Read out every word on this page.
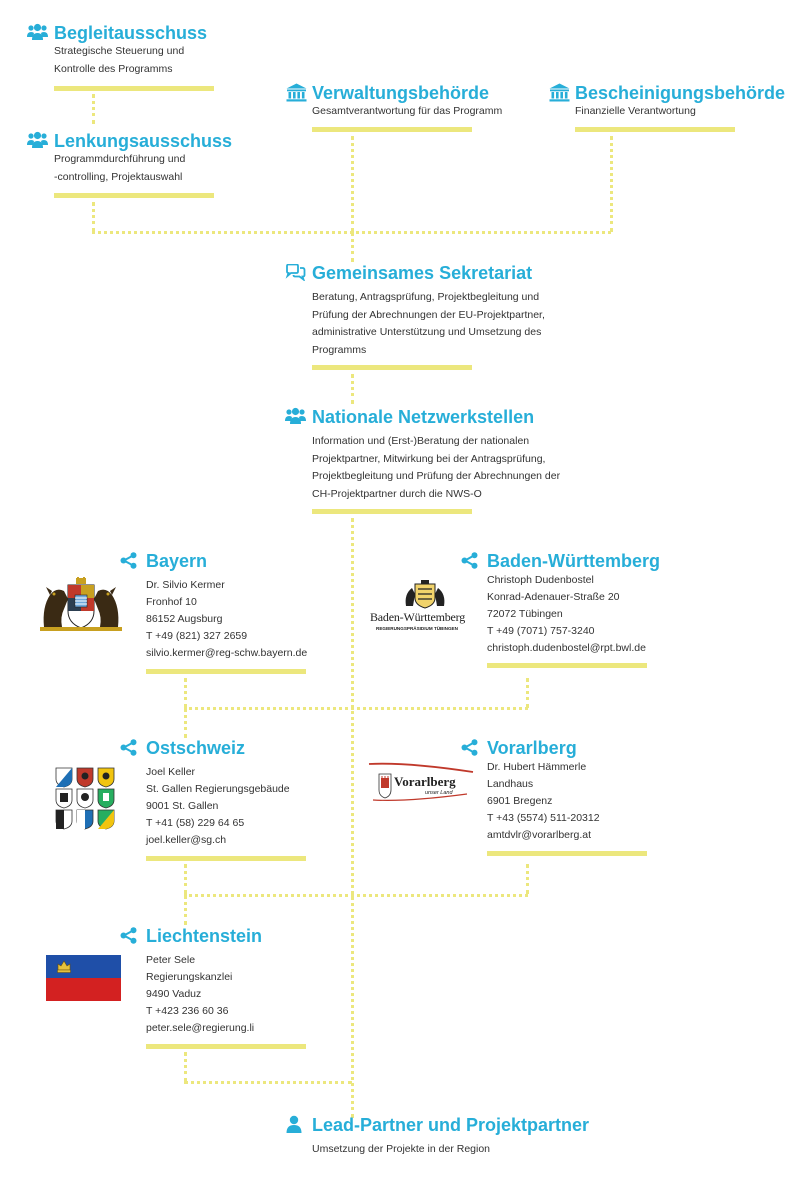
Begleitausschuss
Strategische Steuerung und
Kontrolle des Programms
Lenkungsausschuss
Programmdurchführung und
-controlling, Projektauswahl
Verwaltungsbehörde
Gesamtverantwortung für das Programm
Bescheinigungsbehörde
Finanzielle Verantwortung
Gemeinsames Sekretariat
Beratung, Antragsprüfung, Projektbegleitung und
Prüfung der Abrechnungen der EU-Projektpartner,
administrative Unterstützung und Umsetzung des
Programms
Nationale Netzwerkstellen
Information und (Erst-)Beratung der nationalen
Projektpartner, Mitwirkung bei der Antragsprüfung,
Projektbegleitung und Prüfung der Abrechnungen der
CH-Projektpartner durch die NWS-O
Bayern
Dr. Silvio Kermer
Fronhof 10
86152 Augsburg
T +49 (821) 327 2659
silvio.kermer@reg-schw.bayern.de
Baden-Württemberg
REGIERUNGSPRÄSIDIUM TÜBINGEN
Baden-Württemberg
Christoph Dudenbostel
Konrad-Adenauer-Straße 20
72072 Tübingen
T +49 (7071) 757-3240
christoph.dudenbostel@rpt.bwl.de
Ostschweiz
Joel Keller
St. Gallen Regierungsgebäude
9001 St. Gallen
T +41 (58) 229 64 65
joel.keller@sg.ch
Vorarlberg
unser Land
Vorarlberg
Dr. Hubert Hämmerle
Landhaus
6901 Bregenz
T +43 (5574) 511-20312
amtdvlr@vorarlberg.at
Liechtenstein
Peter Sele
Regierungskanzlei
9490 Vaduz
T +423 236 60 36
peter.sele@regierung.li
Lead-Partner und Projektpartner
Umsetzung der Projekte in der Region
